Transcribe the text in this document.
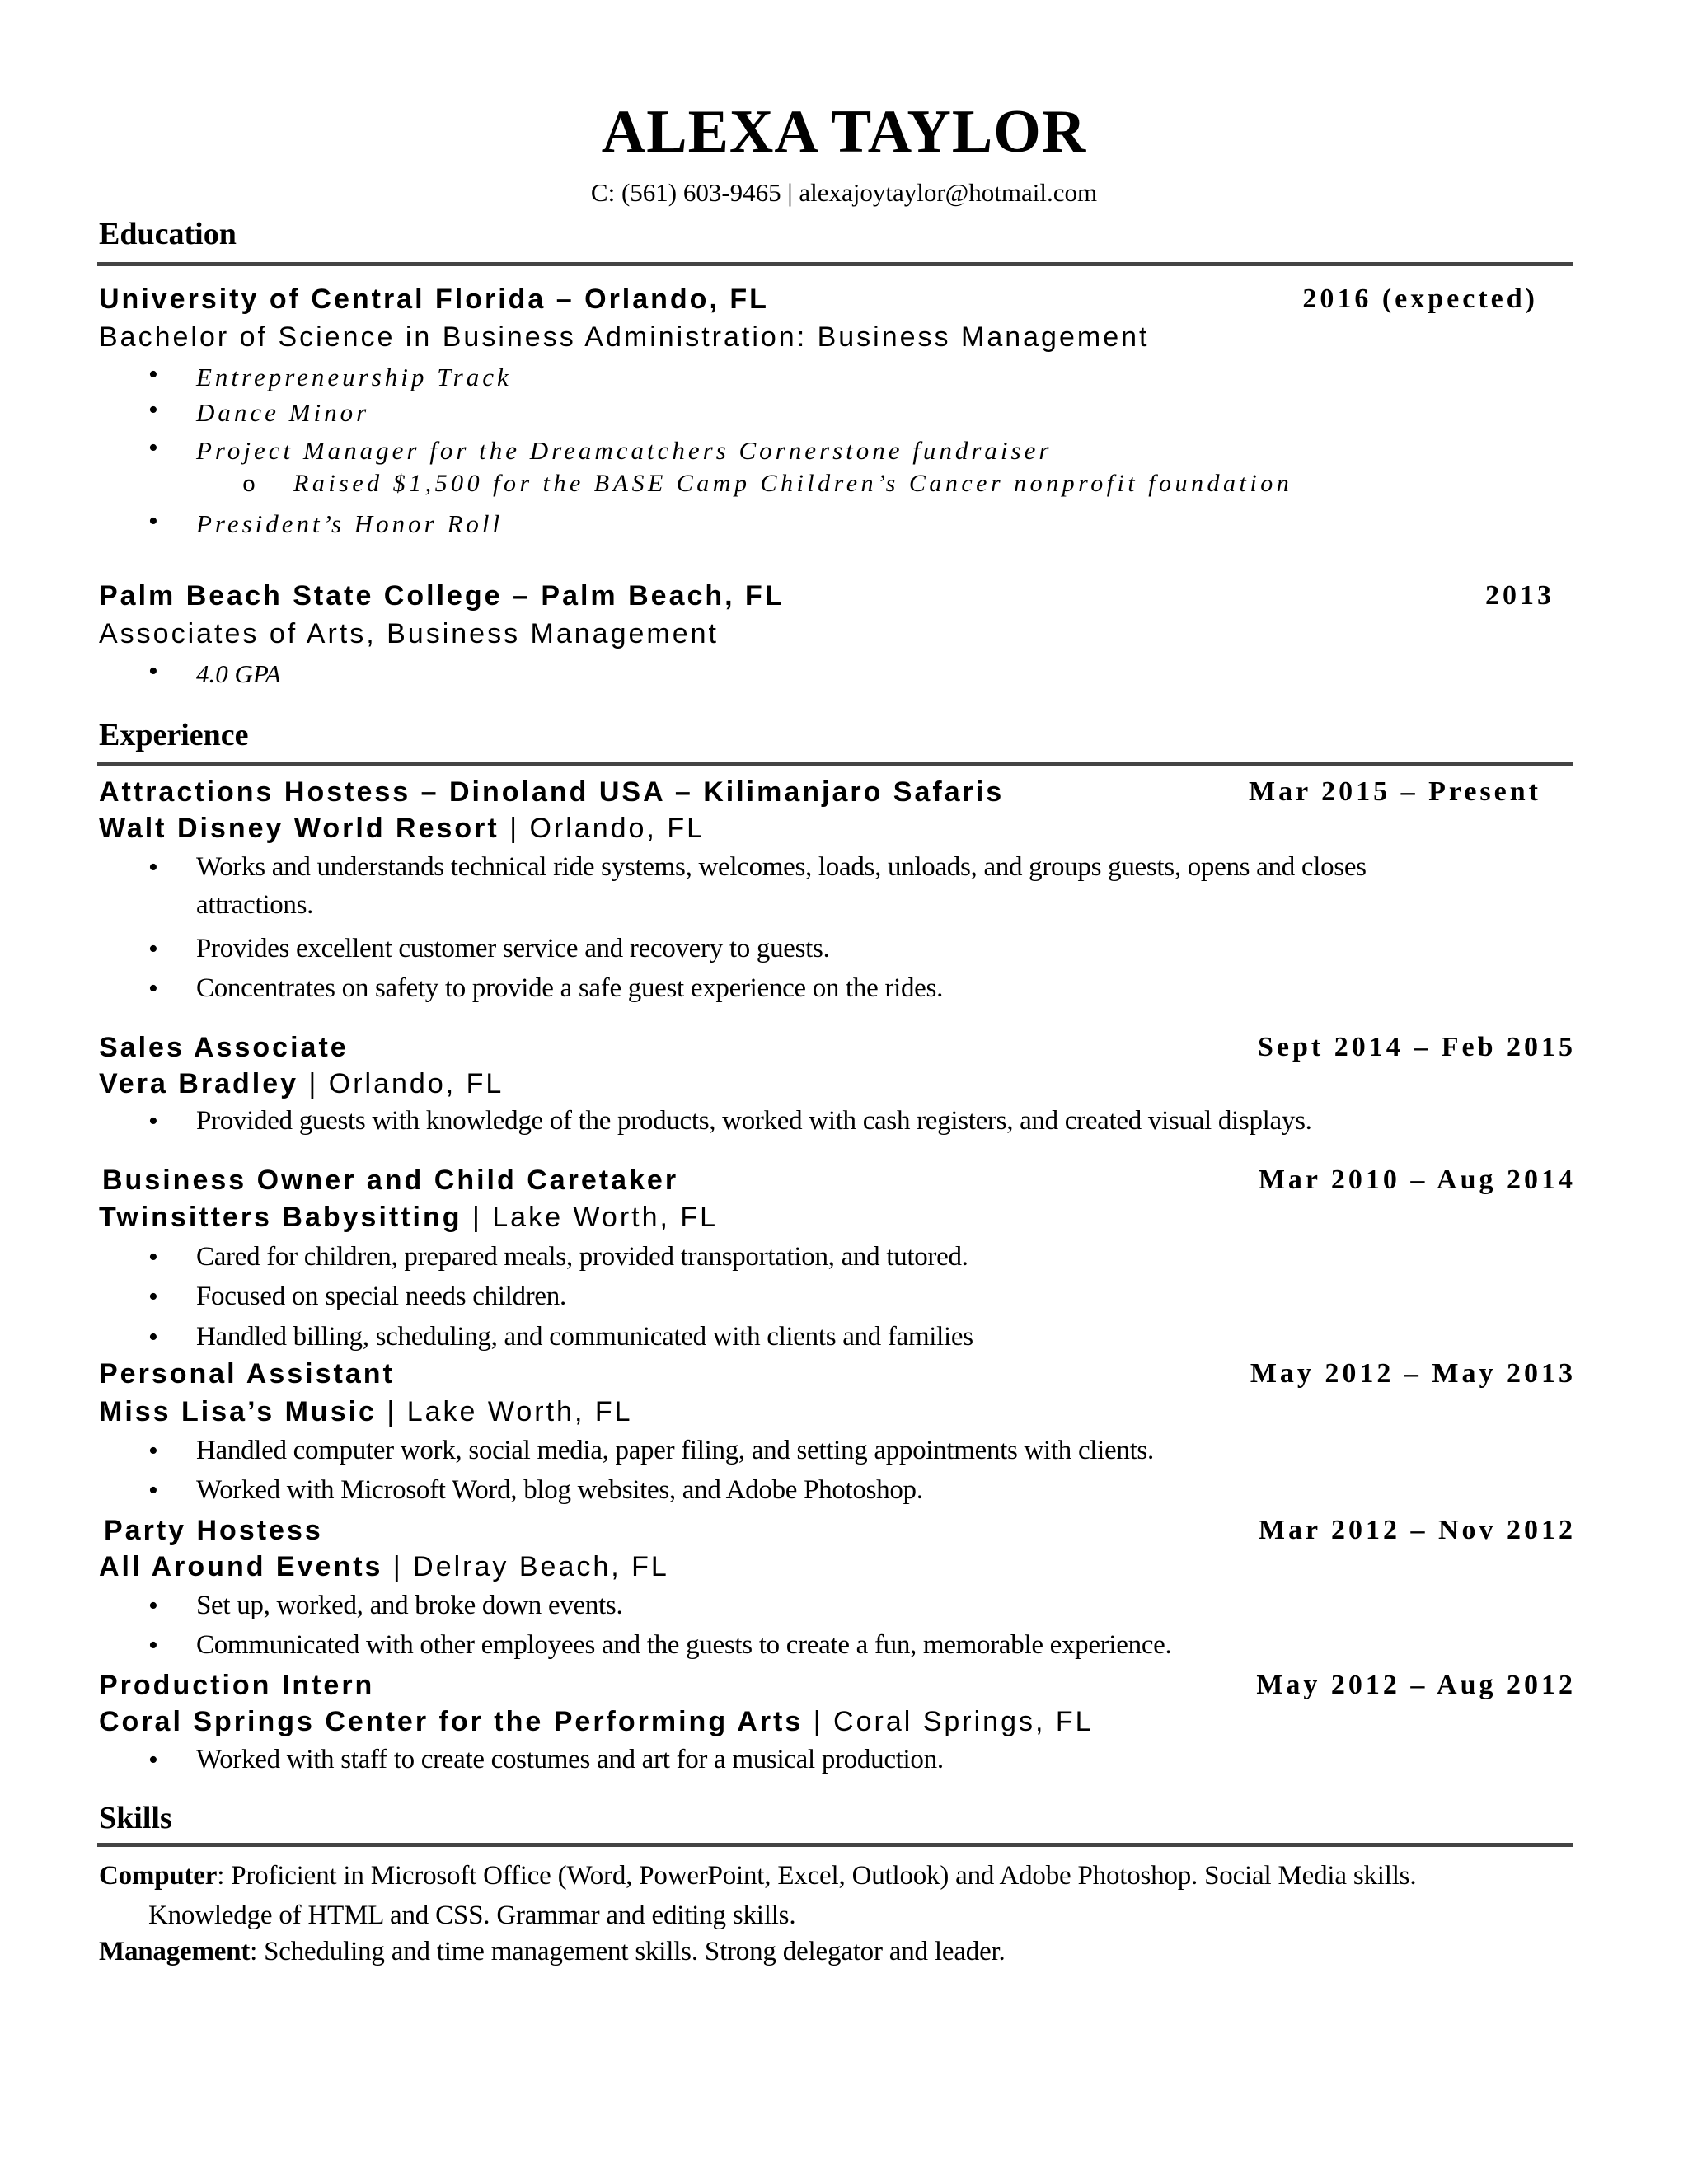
ALEXA TAYLOR
C: (561) 603-9465 | alexajoytaylor@hotmail.com
Education
University of Central Florida – Orlando, FL	2016 (expected)
Bachelor of Science in Business Administration: Business Management
• Entrepreneurship Track
• Dance Minor
• Project Manager for the Dreamcatchers Cornerstone fundraiser
o Raised $1,500 for the BASE Camp Children’s Cancer nonprofit foundation
• President’s Honor Roll
Palm Beach State College – Palm Beach, FL	2013
Associates of Arts, Business Management
• 4.0 GPA
Experience
Attractions Hostess – Dinoland USA – Kilimanjaro Safaris	Mar 2015 – Present
Walt Disney World Resort | Orlando, FL
• Works and understands technical ride systems, welcomes, loads, unloads, and groups guests, opens and closes
attractions.
• Provides excellent customer service and recovery to guests.
• Concentrates on safety to provide a safe guest experience on the rides.
Sales Associate	Sept 2014 – Feb 2015
Vera Bradley | Orlando, FL
• Provided guests with knowledge of the products, worked with cash registers, and created visual displays.
Business Owner and Child Caretaker	Mar 2010 – Aug 2014
Twinsitters Babysitting | Lake Worth, FL
• Cared for children, prepared meals, provided transportation, and tutored.
• Focused on special needs children.
• Handled billing, scheduling, and communicated with clients and families
Personal Assistant	May 2012 – May 2013
Miss Lisa’s Music | Lake Worth, FL
• Handled computer work, social media, paper filing, and setting appointments with clients.
• Worked with Microsoft Word, blog websites, and Adobe Photoshop.
Party Hostess	Mar 2012 – Nov 2012
All Around Events | Delray Beach, FL
• Set up, worked, and broke down events.
• Communicated with other employees and the guests to create a fun, memorable experience.
Production Intern	May 2012 – Aug 2012
Coral Springs Center for the Performing Arts | Coral Springs, FL
• Worked with staff to create costumes and art for a musical production.
Skills
Computer: Proficient in Microsoft Office (Word, PowerPoint, Excel, Outlook) and Adobe Photoshop. Social Media skills.
Knowledge of HTML and CSS. Grammar and editing skills.
Management: Scheduling and time management skills. Strong delegator and leader.
